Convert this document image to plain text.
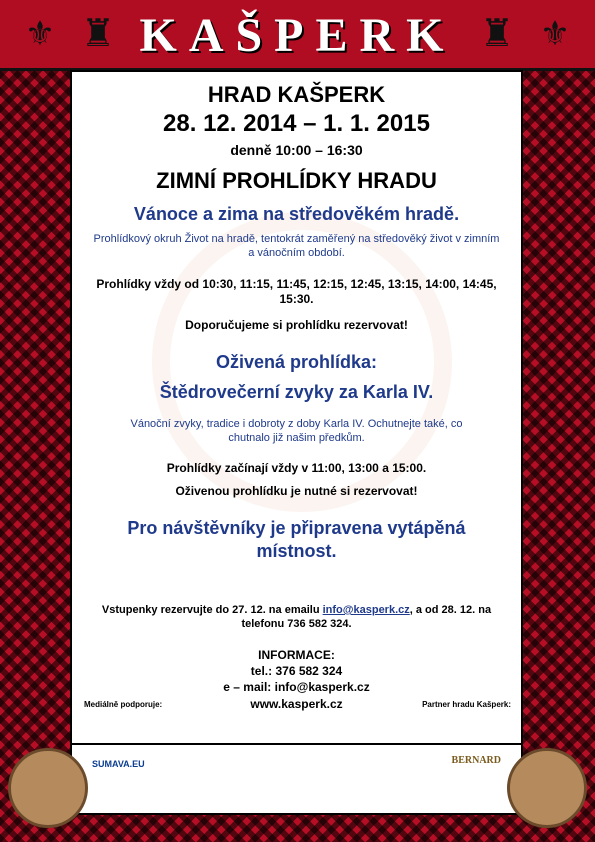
⚜ ♜ KAŠPERK ♜ ⚜
HRAD KAŠPERK
28. 12. 2014 – 1. 1. 2015
denně 10:00 – 16:30
ZIMNÍ PROHLÍDKY HRADU
Vánoce a zima na středověkém hradě.
Prohlídkový okruh Život na hradě, tentokrát zaměřený na středověký život v zimním a vánočním období.
Prohlídky vždy od 10:30, 11:15, 11:45, 12:15, 12:45, 13:15, 14:00, 14:45, 15:30.
Doporučujeme si prohlídku rezervovat!
Oživená prohlídka:
Štědrovečerní zvyky za Karla IV.
Vánoční zvyky, tradice i dobroty z doby Karla IV. Ochutnejte také, co chutnalo již našim předkům.
Prohlídky začínají vždy v 11:00, 13:00 a 15:00.
Oživenou prohlídku je nutné si rezervovat!
Pro návštěvníky je připravena vytápěná místnost.
Vstupenky rezervujte do 27. 12. na emailu info@kasperk.cz, a od 28. 12. na telefonu 736 582 324.
INFORMACE:
tel.: 376 582 324
e – mail: info@kasperk.cz
www.kasperk.cz
Mediálně podporuje:	Partner hradu Kašperk:
SUMAVA.EU	BERNARD
